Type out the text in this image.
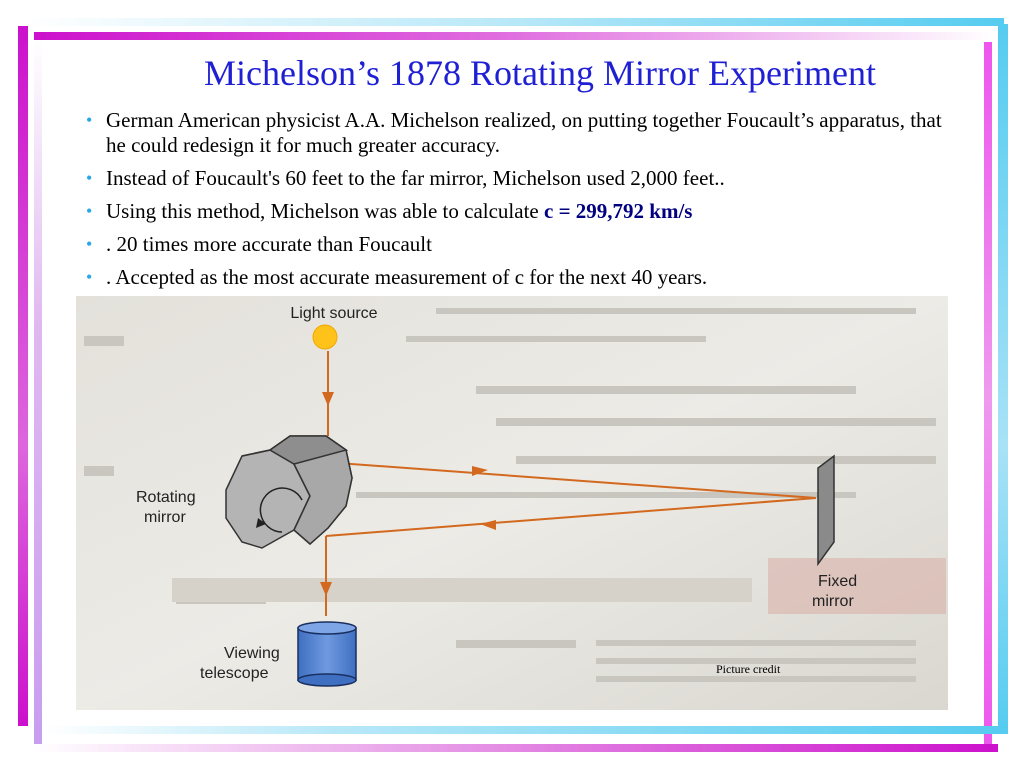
Michelson’s 1878 Rotating Mirror Experiment
• German American physicist A.A. Michelson realized, on putting together Foucault’s apparatus, that he could redesign it for much greater accuracy.
• Instead of Foucault's 60 feet to the far mirror, Michelson used 2,000 feet..
• Using this method, Michelson was able to calculate c = 299,792 km/s
• . 20 times more accurate than Foucault
• . Accepted as the most accurate measurement of c for the next 40 years.
Light source
Rotating mirror
Fixed mirror
Viewing telescope	Picture credit
